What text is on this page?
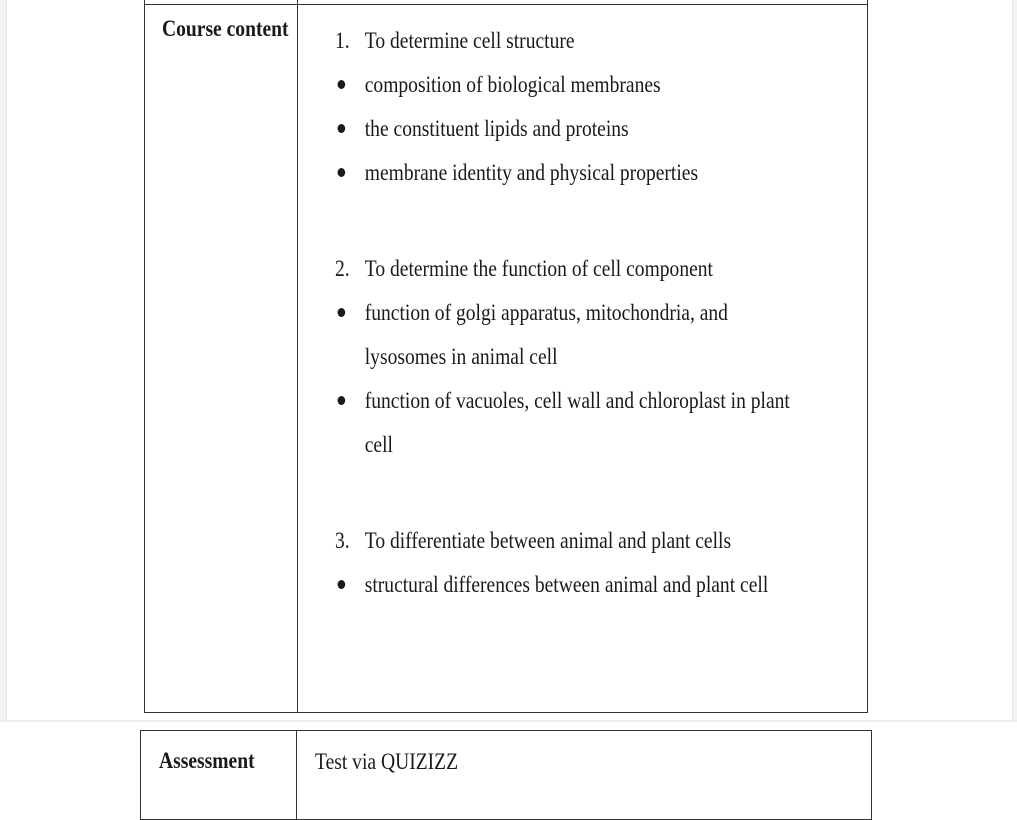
Course content 1. To determine cell structure
composition of biological membranes
the constituent lipids and proteins
membrane identity and physical properties
2. To determine the function of cell component
function of golgi apparatus, mitochondria, and
lysosomes in animal cell
function of vacuoles, cell wall and chloroplast in plant
cell
3. To differentiate between animal and plant cells
structural differences between animal and plant cell
Assessment	Test via QUIZIZZ
